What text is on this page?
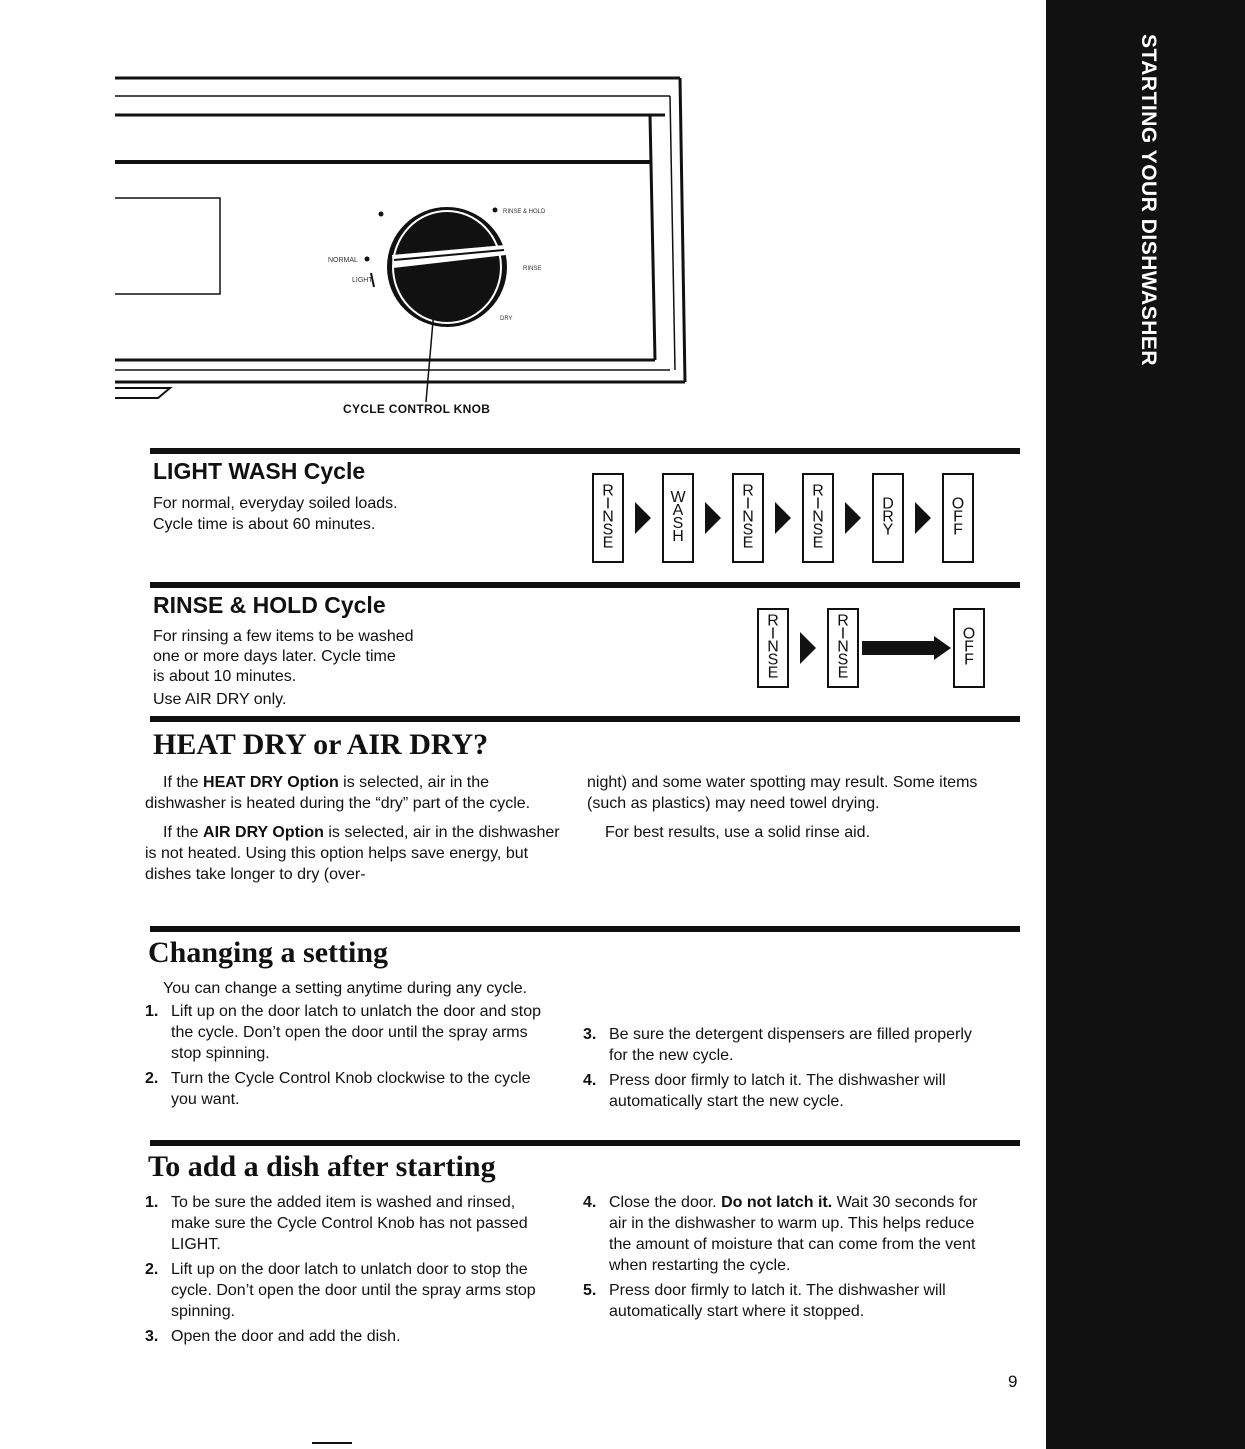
STARTING YOUR DISHWASHER
NORMAL
LIGHT
RINSE & HOLD
RINSE
DRY
CYCLE CONTROL KNOB
LIGHT WASH Cycle
For normal, everyday soiled loads.
Cycle time is about 60 minutes.
R
I
N
S
E
W
A
S
H
R
I
N
S
E
R
I
N
S
E
D
R
Y
O
F
F
RINSE & HOLD Cycle
For rinsing a few items to be washed
one or more days later. Cycle time
is about 10 minutes.
Use AIR DRY only.
R
I
N
S
E
R
I
N
S
E
O
F
F
HEAT DRY or AIR DRY?

If the HEAT DRY Option is selected, air in the dishwasher is heated during the “dry” part of the cycle.

If the AIR DRY Option is selected, air in the dishwasher is not heated. Using this option helps save energy, but dishes take longer to dry (over-

night) and some water spotting may result. Some items (such as plastics) may need towel drying.

For best results, use a solid rinse aid.

Changing a setting

You can change a setting anytime during any cycle.

1. Lift up on the door latch to unlatch the door and stop the cycle. Don’t open the door until the spray arms stop spinning.
2. Turn the Cycle Control Knob clockwise to the cycle you want.
3. Be sure the detergent dispensers are filled properly for the new cycle.
4. Press door firmly to latch it. The dishwasher will automatically start the new cycle.
To add a dish after starting
1. To be sure the added item is washed and rinsed, make sure the Cycle Control Knob has not passed LIGHT.
2. Lift up on the door latch to unlatch door to stop the cycle. Don’t open the door until the spray arms stop spinning.
3. Open the door and add the dish.
4. Close the door. Do not latch it. Wait 30 seconds for air in the dishwasher to warm up. This helps reduce the amount of moisture that can come from the vent when restarting the cycle.
5. Press door firmly to latch it. The dishwasher will automatically start where it stopped.
9
